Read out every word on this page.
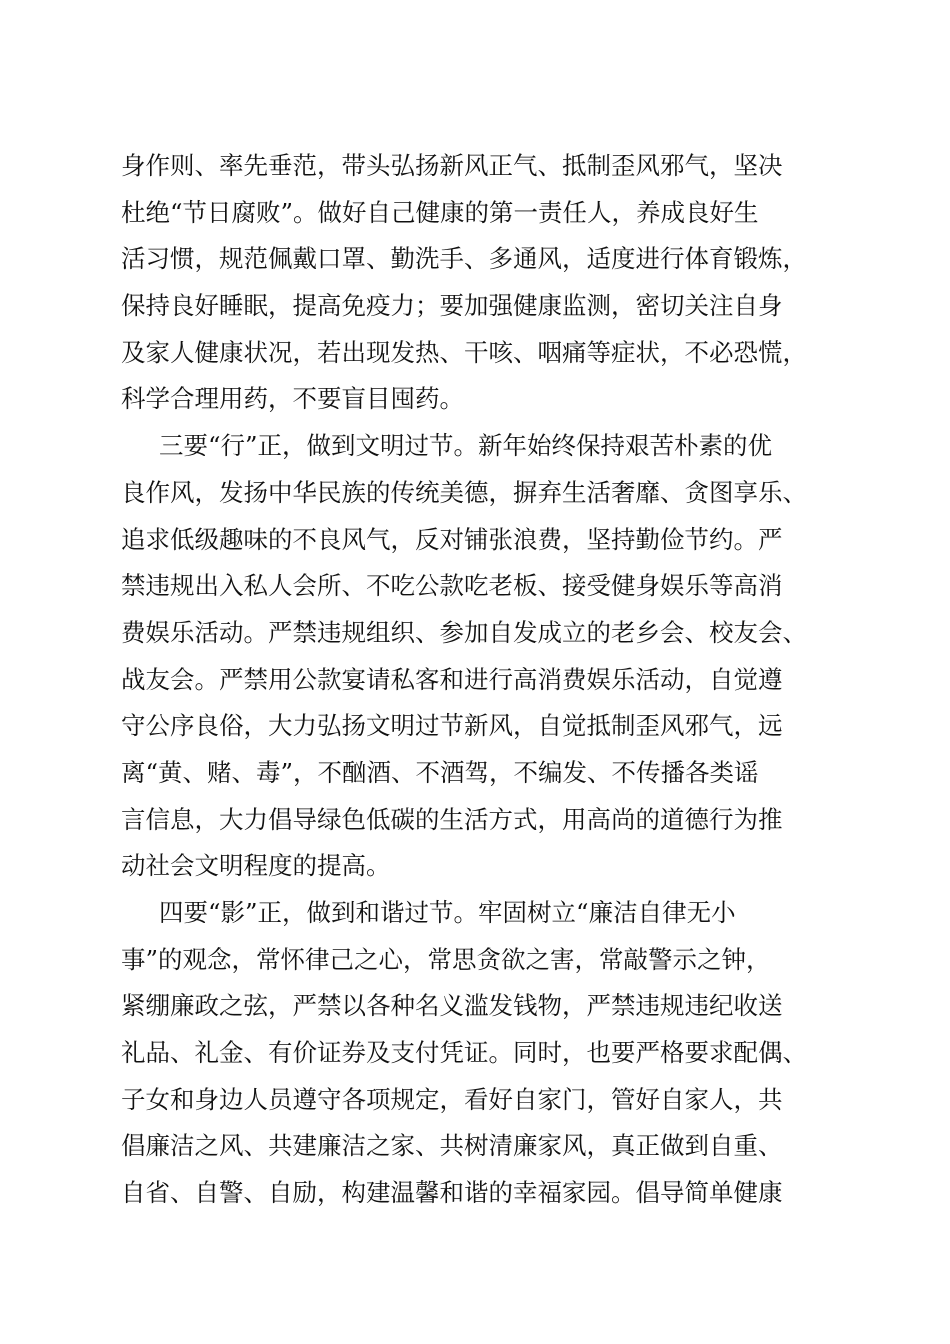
身作则、率先垂范，带头弘扬新风正气、抵制歪风邪气，坚决
杜绝“节日腐败”。做好自己健康的第一责任人，养成良好生
活习惯，规范佩戴口罩、勤洗手、多通风，适度进行体育锻炼，
保持良好睡眠，提高免疫力；要加强健康监测，密切关注自身
及家人健康状况，若出现发热、干咳、咽痛等症状，不必恐慌，
科学合理用药，不要盲目囤药。
三要“行”正，做到文明过节。新年始终保持艰苦朴素的优
良作风，发扬中华民族的传统美德，摒弃生活奢靡、贪图享乐、
追求低级趣味的不良风气，反对铺张浪费，坚持勤俭节约。严
禁违规出入私人会所、不吃公款吃老板、接受健身娱乐等高消
费娱乐活动。严禁违规组织、参加自发成立的老乡会、校友会、
战友会。严禁用公款宴请私客和进行高消费娱乐活动，自觉遵
守公序良俗，大力弘扬文明过节新风，自觉抵制歪风邪气，远
离“黄、赌、毒”，不酗酒、不酒驾，不编发、不传播各类谣
言信息，大力倡导绿色低碳的生活方式，用高尚的道德行为推
动社会文明程度的提高。
四要“影”正，做到和谐过节。牢固树立“廉洁自律无小
事”的观念，常怀律己之心，常思贪欲之害，常敲警示之钟，
紧绷廉政之弦，严禁以各种名义滥发钱物，严禁违规违纪收送
礼品、礼金、有价证券及支付凭证。同时，也要严格要求配偶、
子女和身边人员遵守各项规定，看好自家门，管好自家人，共
倡廉洁之风、共建廉洁之家、共树清廉家风，真正做到自重、
自省、自警、自励，构建温馨和谐的幸福家园。倡导简单健康
